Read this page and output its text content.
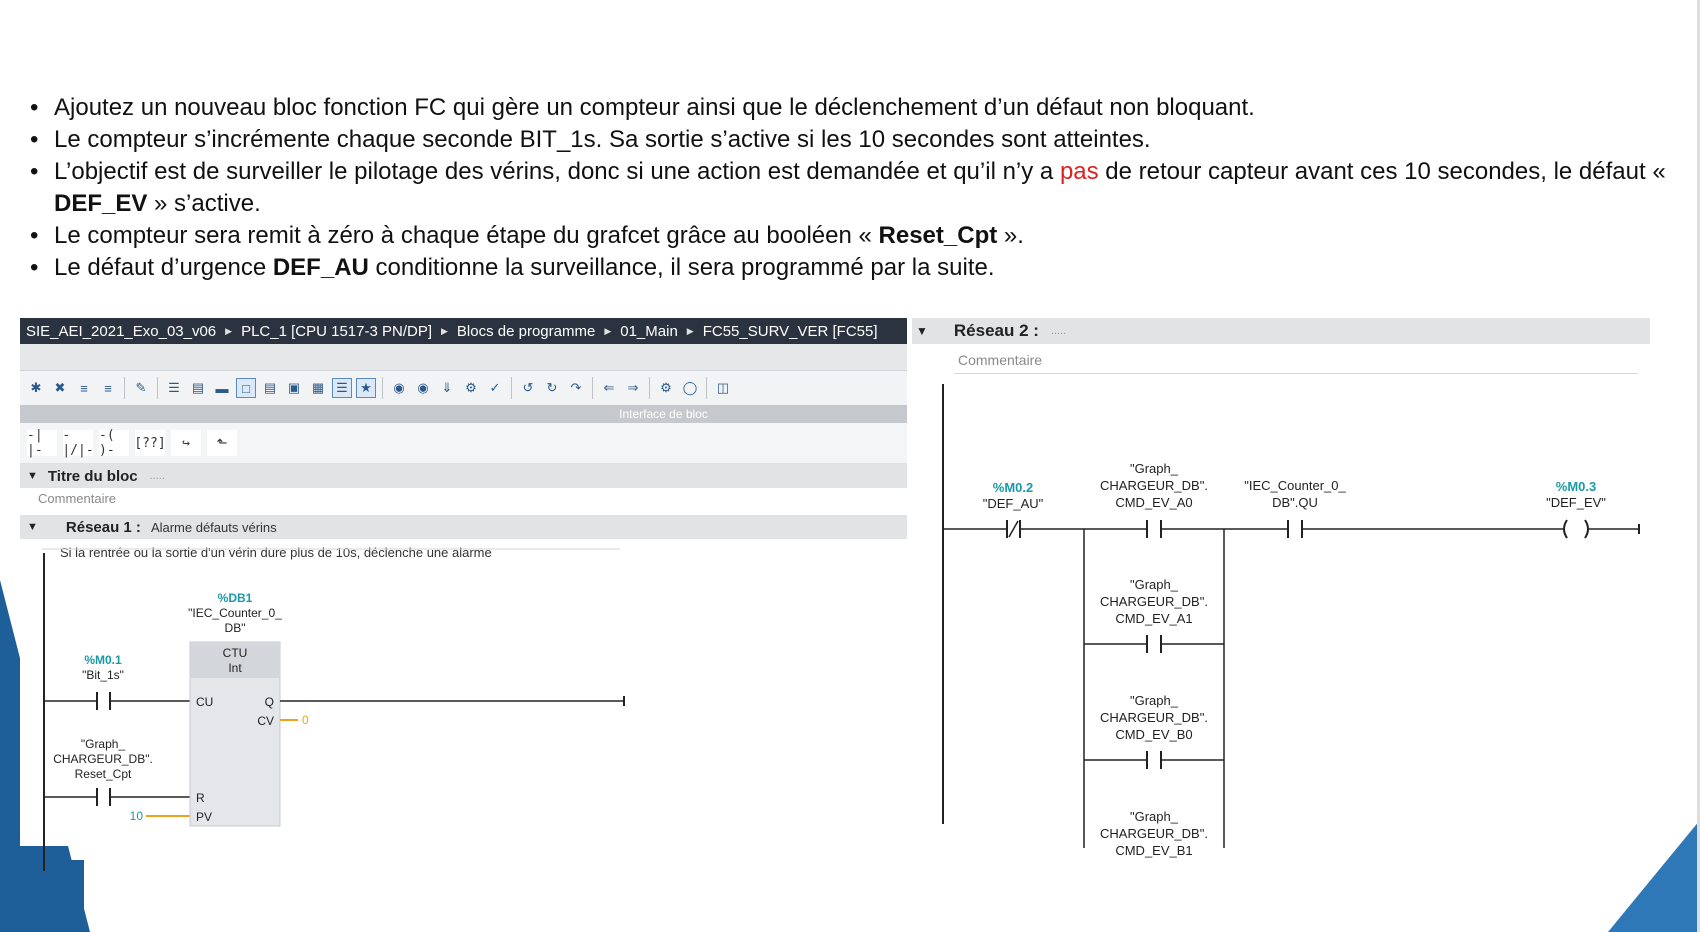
• Ajoutez un nouveau bloc fonction FC qui gère un compteur ainsi que le déclenchement d’un défaut non bloquant.
• Le compteur s’incrémente chaque seconde BIT_1s. Sa sortie s’active si les 10 secondes sont atteintes.
• L’objectif est de surveiller le pilotage des vérins, donc si une action est demandée et qu’il n’y a pas de retour capteur avant ces 10 secondes, le défaut « DEF_EV » s’active.
• Le compteur sera remit à zéro à chaque étape du grafcet grâce au booléen « Reset_Cpt ».
• Le défaut d’urgence DEF_AU conditionne la surveillance, il sera programmé par la suite.
SIE_AEI_2021_Exo_03_v06 ▶ PLC_1 [CPU 1517-3 PN/DP] ▶ Blocs de programme ▶ 01_Main ▶ FC55_SURV_VER [FC55]
✱	✖	≡	≡	✎	☰ ▤ ▬	□	▤ ▣ ▦ ☰ ★	◉ ◉ ⇓ ⚙ ✓	↺	↻	↷	⇐	⇒	⚙ ◯ ◫
Interface de bloc
-| |-
-|/|-
-( )-	[??]	↪	⬑
▼ Titre du bloc .....
Commentaire
▼ Réseau 1 : Alarme défauts vérins
Si la rentrée ou la sortie d'un vérin dure plus de 10s, déclenche une alarme
%M0.1
"Bit_1s"
"Graph_
CHARGEUR_DB".
Reset_Cpt
10
%DB1
"IEC_Counter_0_
DB"
CTU
Int
CU
R
PV
Q
CV 0
▼ Réseau 2 : .....
Commentaire
%M0.2
"DEF_AU"
"Graph_
CHARGEUR_DB".
CMD_EV_A0
"Graph_
CHARGEUR_DB".
CMD_EV_A1
"Graph_
CHARGEUR_DB".
CMD_EV_B0
"Graph_
CHARGEUR_DB".
CMD_EV_B1
"IEC_Counter_0_
DB".QU
%M0.3
"DEF_EV"
